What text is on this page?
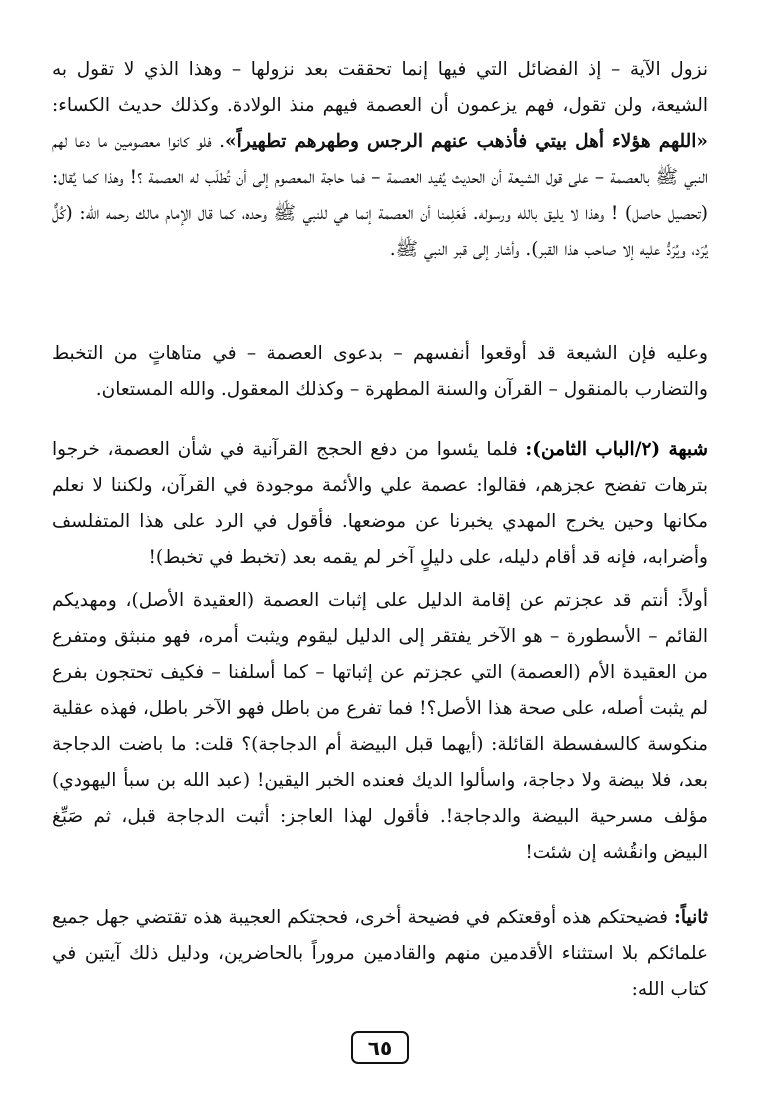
نزول الآية – إذ الفضائل التي فيها إنما تحققت بعد نزولها – وهذا الذي لا تقول به الشيعة، ولن تقول، فهم يزعمون أن العصمة فيهم منذ الولادة. وكذلك حديث الكساء: «اللهم هؤلاء أهل بيتي فأذهب عنهم الرجس وطهرهم تطهيراً». فلو كانوا معصومين ما دعا لهم النبي ﷺ بالعصمة – على قول الشيعة أن الحديث يُفيد العصمة – فما حاجة المعصوم إلى أن تُطلَب له العصمة ؟! وهذا كما يُقال: (تحصيل حاصل) ! وهذا لا يليق بالله ورسوله. فَعَلِمنا أن العصمة إنما هي للنبي ﷺ وحده، كما قال الإمام مالك رحمه الله: (كُلٌّ يُرَد، ويُرَدُّ عليه إلا صاحب هذا القبر). وأشار إلى قبر النبي ﷺ.

وعليه فإن الشيعة قد أوقعوا أنفسهم – بدعوى العصمة – في متاهاتٍ من التخبط والتضارب بالمنقول – القرآن والسنة المطهرة – وكذلك المعقول. والله المستعان.

شبهة (٢/الباب الثامن): فلما يئسوا من دفع الحجج القرآنية في شأن العصمة، خرجوا بترهات تفضح عجزهم، فقالوا: عصمة علي والأئمة موجودة في القرآن، ولكننا لا نعلم مكانها وحين يخرج المهدي يخبرنا عن موضعها. فأقول في الرد على هذا المتفلسف وأضرابه، فإنه قد أقام دليله، على دليلٍ آخر لم يقمه بعد (تخبط في تخبط)!

أولاً: أنتم قد عجزتم عن إقامة الدليل على إثبات العصمة (العقيدة الأصل)، ومهديكم القائم – الأسطورة – هو الآخر يفتقر إلى الدليل ليقوم ويثبت أمره، فهو منبثق ومتفرع من العقيدة الأم (العصمة) التي عجزتم عن إثباتها – كما أسلفنا – فكيف تحتجون بفرع لم يثبت أصله، على صحة هذا الأصل؟! فما تفرع من باطل فهو الآخر باطل، فهذه عقلية منكوسة كالسفسطة القائلة: (أيهما قبل البيضة أم الدجاجة)؟ قلت: ما باضت الدجاجة بعد، فلا بيضة ولا دجاجة، واسألوا الديك فعنده الخبر اليقين! (عبد الله بن سبأ اليهودي) مؤلف مسرحية البيضة والدجاجة!. فأقول لهذا العاجز: أثبت الدجاجة قبل، ثم صَبِّغ البيض وانقُشه إن شئت!

ثانياً: فضيحتكم هذه أوقعتكم في فضيحة أخرى، فحجتكم العجيبة هذه تقتضي جهل جميع علمائكم بلا استثناء الأقدمين منهم والقادمين مروراً بالحاضرين، ودليل ذلك آيتين في كتاب الله:

٦٥
